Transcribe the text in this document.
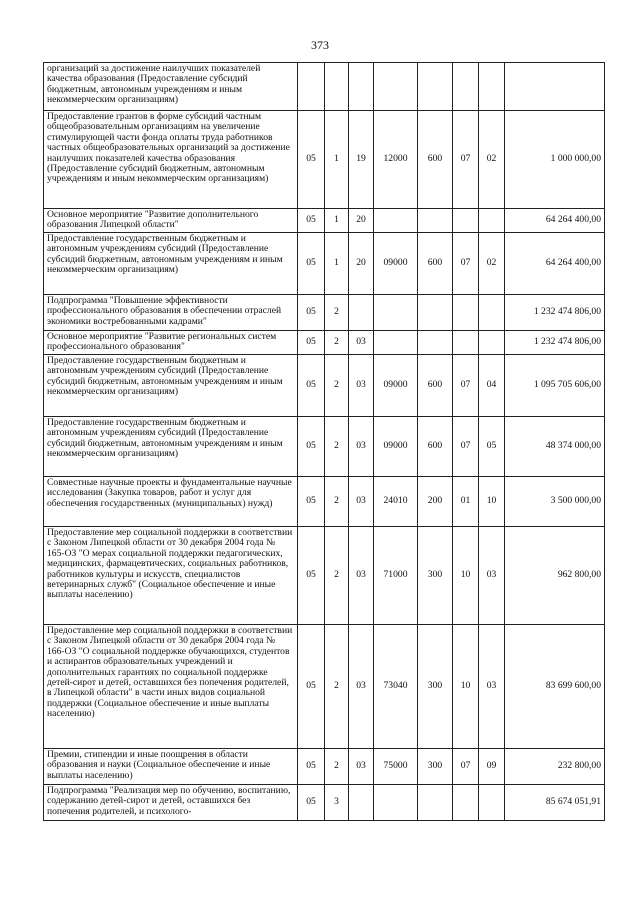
373
организаций за достижение наилучших показателей качества образования (Предоставление субсидий бюджетным, автономным учреждениям и иным некоммерческим организациям)								
Предоставление грантов в форме субсидий частным общеобразовательным организациям на увеличение стимулирующей части фонда оплаты труда работников частных общеобразовательных организаций за достижение наилучших показателей качества образования (Предоставление субсидий бюджетным, автономным учреждениям и иным некоммерческим организациям)	05	1	19	12000	600	07	02	1 000 000,00
Основное мероприятие "Развитие дополнительного образования Липецкой области"	05	1	20					64 264 400,00
Предоставление государственным бюджетным и автономным учреждениям субсидий (Предоставление субсидий бюджетным, автономным учреждениям и иным некоммерческим организациям)	05	1	20	09000	600	07	02	64 264 400,00
Подпрограмма "Повышение эффективности профессионального образования в обеспечении отраслей экономики востребованными кадрами"	05	2						1 232 474 806,00
Основное мероприятие "Развитие региональных систем профессионального образования"	05	2	03					1 232 474 806,00
Предоставление государственным бюджетным и автономным учреждениям субсидий (Предоставление субсидий бюджетным, автономным учреждениям и иным некоммерческим организациям)	05	2	03	09000	600	07	04	1 095 705 606,00
Предоставление государственным бюджетным и автономным учреждениям субсидий (Предоставление субсидий бюджетным, автономным учреждениям и иным некоммерческим организациям)	05	2	03	09000	600	07	05	48 374 000,00
Совместные научные проекты и фундаментальные научные исследования (Закупка товаров, работ и услуг для обеспечения государственных (муниципальных) нужд)	05	2	03	24010	200	01	10	3 500 000,00
Предоставление мер социальной поддержки в соответствии с Законом Липецкой области от 30 декабря 2004 года № 165-ОЗ "О мерах социальной поддержки педагогических, медицинских, фармацевтических, социальных работников, работников культуры и искусств, специалистов ветеринарных служб" (Социальное обеспечение и иные выплаты населению)	05	2	03	71000	300	10	03	962 800,00
Предоставление мер социальной поддержки в соответствии с Законом Липецкой области от 30 декабря 2004 года № 166-ОЗ "О социальной поддержке обучающихся, студентов и аспирантов образовательных учреждений и дополнительных гарантиях по социальной поддержке детей-сирот и детей, оставшихся без попечения родителей, в Липецкой области" в части иных видов социальной поддержки (Социальное обеспечение и иные выплаты населению)	05	2	03	73040	300	10	03	83 699 600,00
Премии, стипендии и иные поощрения в области образования и науки (Социальное обеспечение и иные выплаты населению)	05	2	03	75000	300	07	09	232 800,00
Подпрограмма "Реализация мер по обучению, воспитанию, содержанию детей-сирот и детей, оставшихся без попечения родителей, и психолого-	05	3						85 674 051,91
